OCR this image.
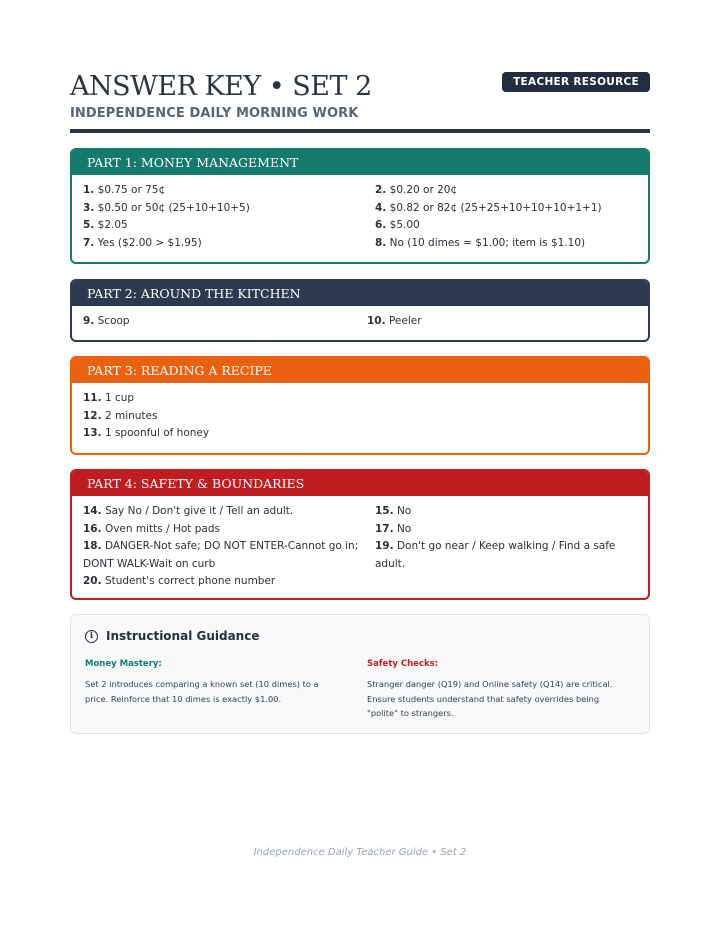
ANSWER KEY • SET 2
INDEPENDENCE DAILY MORNING WORK
TEACHER RESOURCE
PART 1: MONEY MANAGEMENT
1. $0.75 or 75¢	2. $0.20 or 20¢
3. $0.50 or 50¢ (25+10+10+5)	4. $0.82 or 82¢ (25+25+10+10+10+1+1)
5. $2.05	6. $5.00
7. Yes ($2.00 > $1.95)	8. No (10 dimes = $1.00; item is $1.10)
PART 2: AROUND THE KITCHEN
9. Scoop	10. Peeler
PART 3: READING A RECIPE
11. 1 cup
12. 2 minutes
13. 1 spoonful of honey
PART 4: SAFETY & BOUNDARIES
14. Say No / Don't give it / Tell an adult.	15. No
16. Oven mitts / Hot pads	17. No
18. DANGER-Not safe; DO NOT ENTER-Cannot go in; DONT WALK-Wait on curb
19. Don't go near / Keep walking / Find a safe adult.
20. Student's correct phone number
i	Instructional Guidance
Money Mastery:
Set 2 introduces comparing a known set (10 dimes) to a price. Reinforce that 10 dimes is exactly $1.00.
Safety Checks:
Stranger danger (Q19) and Online safety (Q14) are critical. Ensure students understand that safety overrides being "polite" to strangers.
Independence Daily Teacher Guide • Set 2
